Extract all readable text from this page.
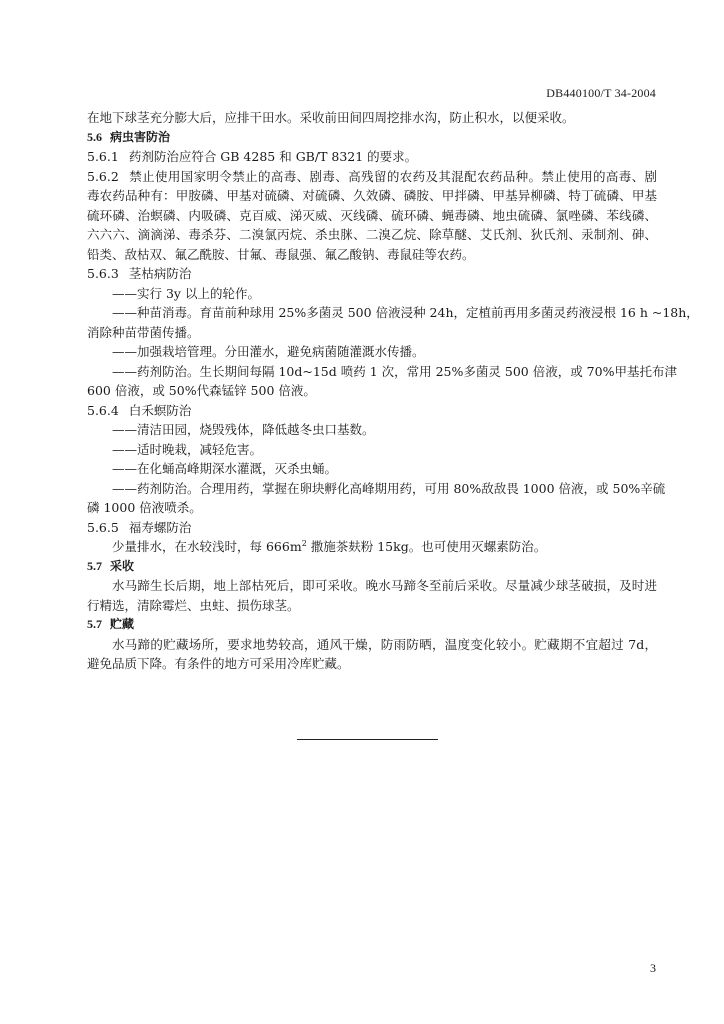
DB440100/T 34-2004
在地下球茎充分膨大后，应排干田水。采收前田间四周挖排水沟，防止积水，以便采收。
5.6 病虫害防治
5.6.1 药剂防治应符合 GB 4285 和 GB/T 8321 的要求。
5.6.2 禁止使用国家明令禁止的高毒、剧毒、高残留的农药及其混配农药品种。禁止使用的高毒、剧
毒农药品种有：甲胺磷、甲基对硫磷、对硫磷、久效磷、磷胺、甲拌磷、甲基异柳磷、特丁硫磷、甲基
硫环磷、治螟磷、内吸磷、克百威、涕灭威、灭线磷、硫环磷、蝇毒磷、地虫硫磷、氯唑磷、苯线磷、
六六六、滴滴涕、毒杀芬、二溴氯丙烷、杀虫脒、二溴乙烷、除草醚、艾氏剂、狄氏剂、汞制剂、砷、
铅类、敌枯双、氟乙酰胺、甘氟、毒鼠强、氟乙酸钠、毒鼠硅等农药。
5.6.3 茎枯病防治
——实行 3y 以上的轮作。
——种苗消毒。育苗前种球用 25%多菌灵 500 倍液浸种 24h，定植前再用多菌灵药液浸根 16 h ~18h，
消除种苗带菌传播。
——加强栽培管理。分田灌水，避免病菌随灌溉水传播。
——药剂防治。生长期间每隔 10d~15d 喷药 1 次，常用 25%多菌灵 500 倍液，或 70%甲基托布津
600 倍液，或 50%代森锰锌 500 倍液。
5.6.4 白禾螟防治
——清洁田园，烧毁残体，降低越冬虫口基数。
——适时晚栽，减轻危害。
——在化蛹高峰期深水灌溉，灭杀虫蛹。
——药剂防治。合理用药，掌握在卵块孵化高峰期用药，可用 80%敌敌畏 1000 倍液，或 50%辛硫
磷 1000 倍液喷杀。
5.6.5 福寿螺防治
少量排水，在水较浅时，每 $666m^2$ 撒施茶麸粉 15kg。也可使用灭螺素防治。
5.7 采收
水马蹄生长后期，地上部枯死后，即可采收。晚水马蹄冬至前后采收。尽量减少球茎破损，及时进
行精选，清除霉烂、虫蛀、损伤球茎。
5.7 贮藏
水马蹄的贮藏场所，要求地势较高，通风干燥，防雨防晒，温度变化较小。贮藏期不宜超过 7d，
避免品质下降。有条件的地方可采用冷库贮藏。
3
